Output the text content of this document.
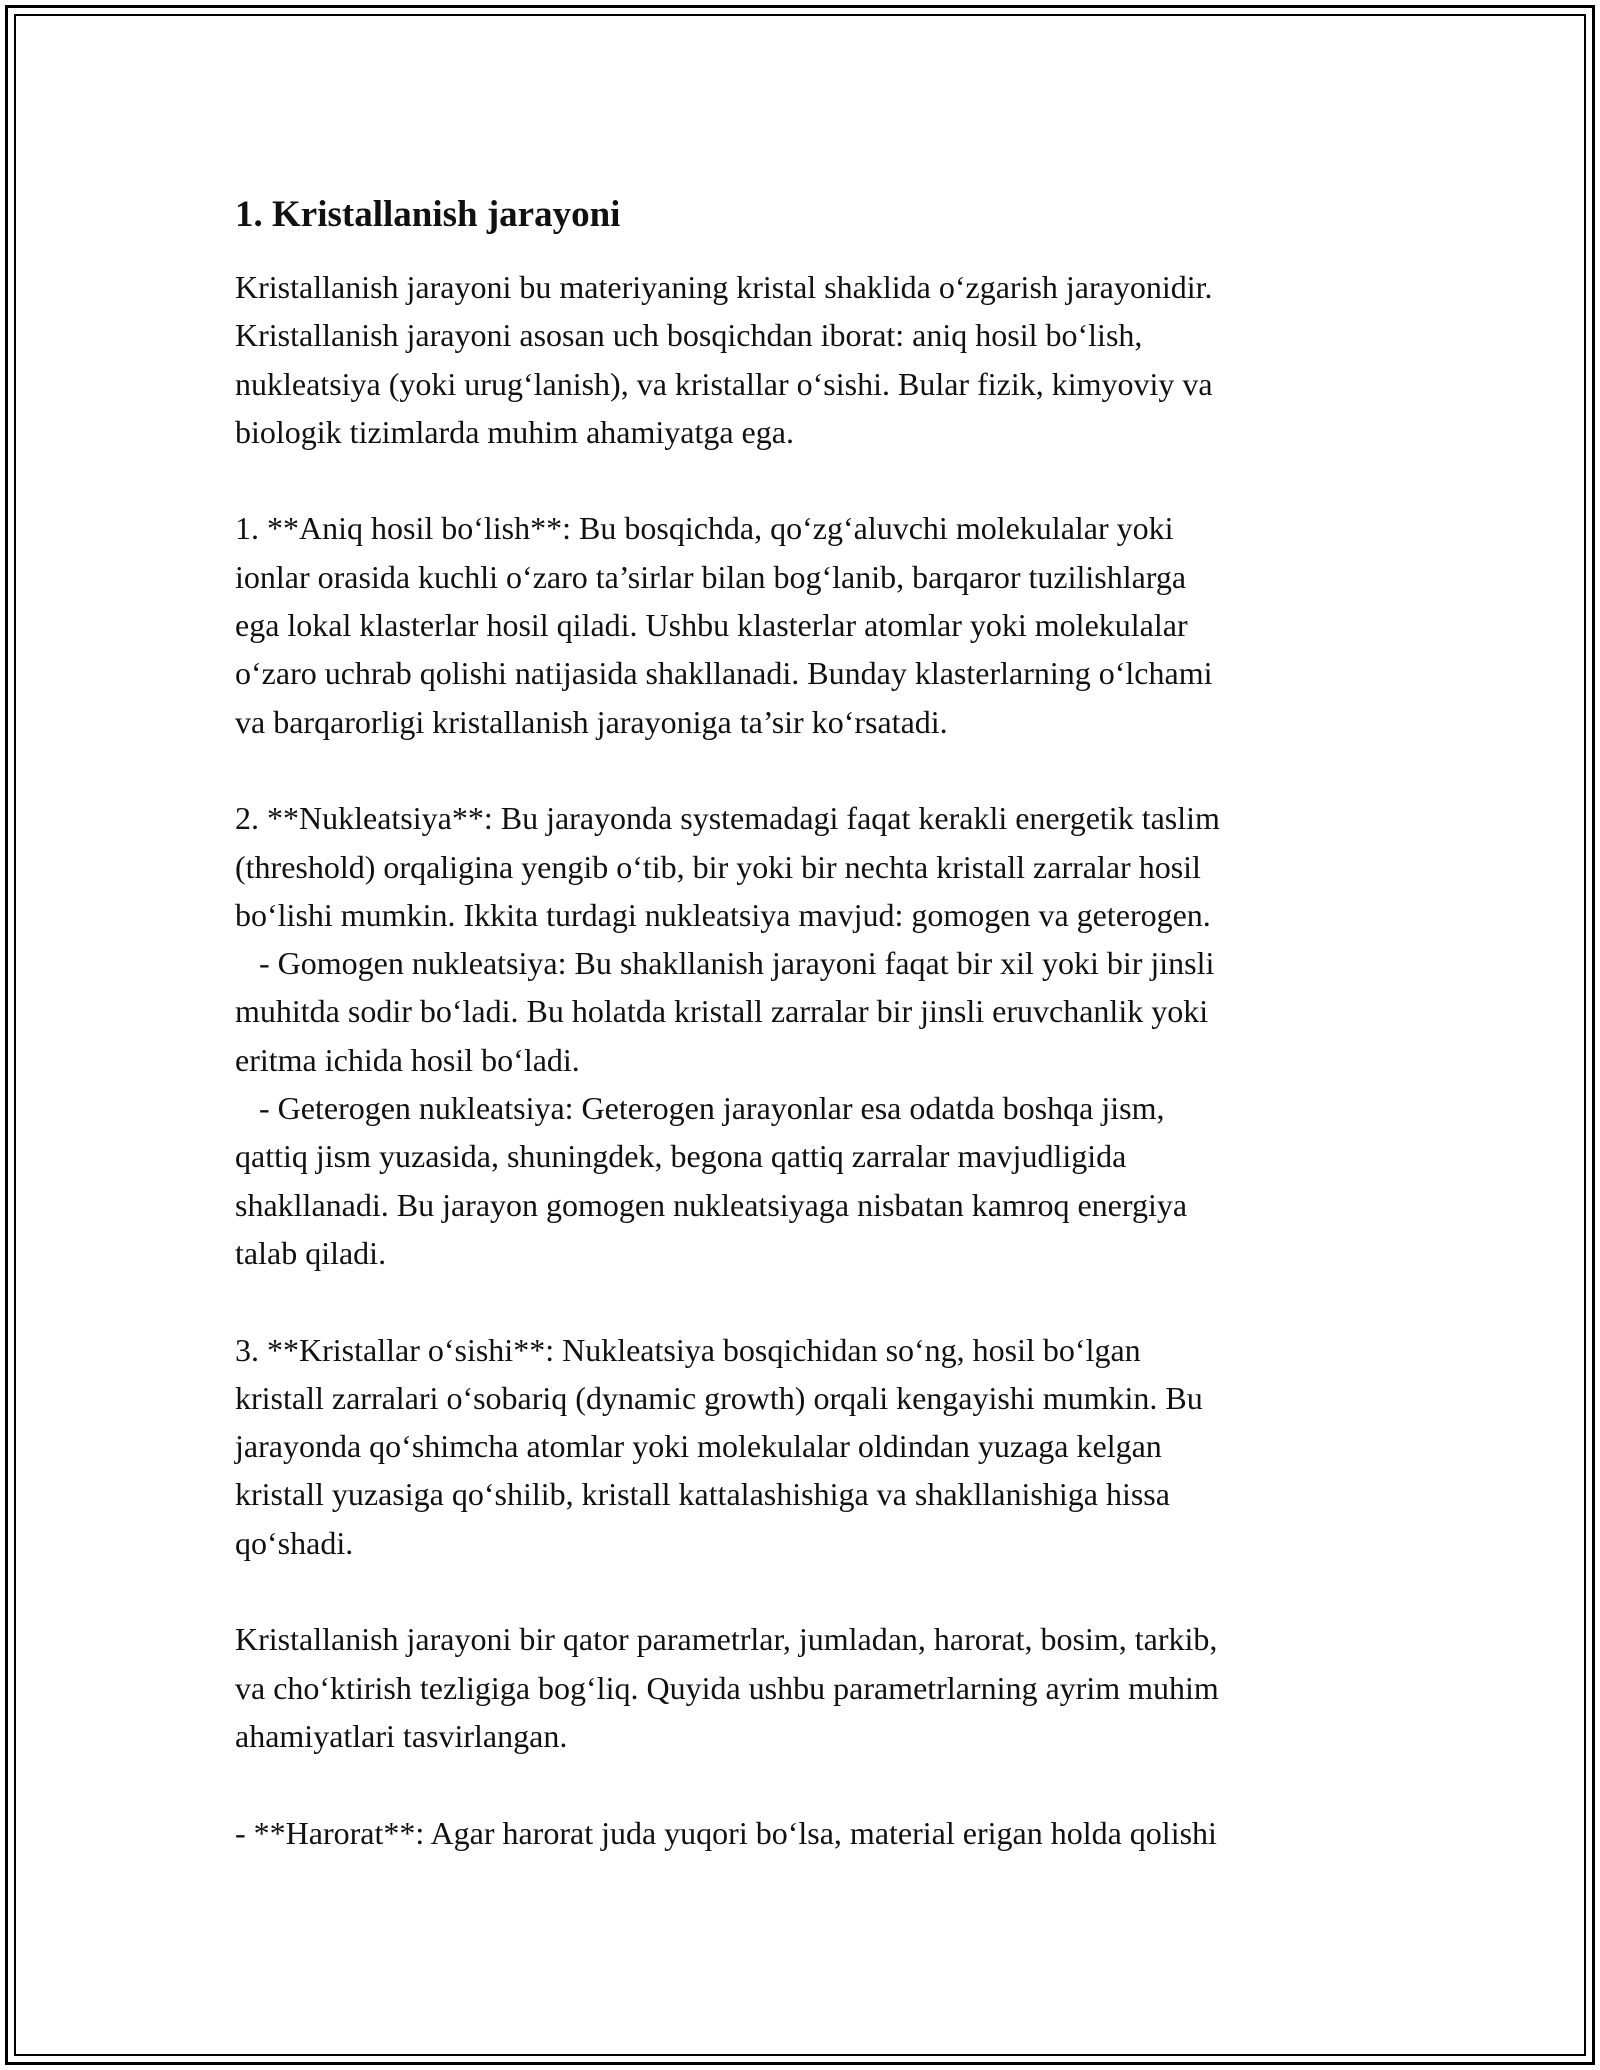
1. Kristallanish jarayoni

Kristallanish jarayoni bu materiyaning kristal shaklida o‘zgarish jarayonidir.
Kristallanish jarayoni asosan uch bosqichdan iborat: aniq hosil bo‘lish,
nukleatsiya (yoki urug‘lanish), va kristallar o‘sishi. Bular fizik, kimyoviy va
biologik tizimlarda muhim ahamiyatga ega.

1. **Aniq hosil bo‘lish**: Bu bosqichda, qo‘zg‘aluvchi molekulalar yoki
ionlar orasida kuchli o‘zaro ta’sirlar bilan bog‘lanib, barqaror tuzilishlarga
ega lokal klasterlar hosil qiladi. Ushbu klasterlar atomlar yoki molekulalar
o‘zaro uchrab qolishi natijasida shakllanadi. Bunday klasterlarning o‘lchami
va barqarorligi kristallanish jarayoniga ta’sir ko‘rsatadi.

2. **Nukleatsiya**: Bu jarayonda systemadagi faqat kerakli energetik taslim
(threshold) orqaligina yengib o‘tib, bir yoki bir nechta kristall zarralar hosil
bo‘lishi mumkin. Ikkita turdagi nukleatsiya mavjud: gomogen va geterogen.
- Gomogen nukleatsiya: Bu shakllanish jarayoni faqat bir xil yoki bir jinsli
muhitda sodir bo‘ladi. Bu holatda kristall zarralar bir jinsli eruvchanlik yoki
eritma ichida hosil bo‘ladi.
- Geterogen nukleatsiya: Geterogen jarayonlar esa odatda boshqa jism,
qattiq jism yuzasida, shuningdek, begona qattiq zarralar mavjudligida
shakllanadi. Bu jarayon gomogen nukleatsiyaga nisbatan kamroq energiya
talab qiladi.

3. **Kristallar o‘sishi**: Nukleatsiya bosqichidan so‘ng, hosil bo‘lgan
kristall zarralari o‘sobariq (dynamic growth) orqali kengayishi mumkin. Bu
jarayonda qo‘shimcha atomlar yoki molekulalar oldindan yuzaga kelgan
kristall yuzasiga qo‘shilib, kristall kattalashishiga va shakllanishiga hissa
qo‘shadi.

Kristallanish jarayoni bir qator parametrlar, jumladan, harorat, bosim, tarkib,
va cho‘ktirish tezligiga bog‘liq. Quyida ushbu parametrlarning ayrim muhim
ahamiyatlari tasvirlangan.

- **Harorat**: Agar harorat juda yuqori bo‘lsa, material erigan holda qolishi
